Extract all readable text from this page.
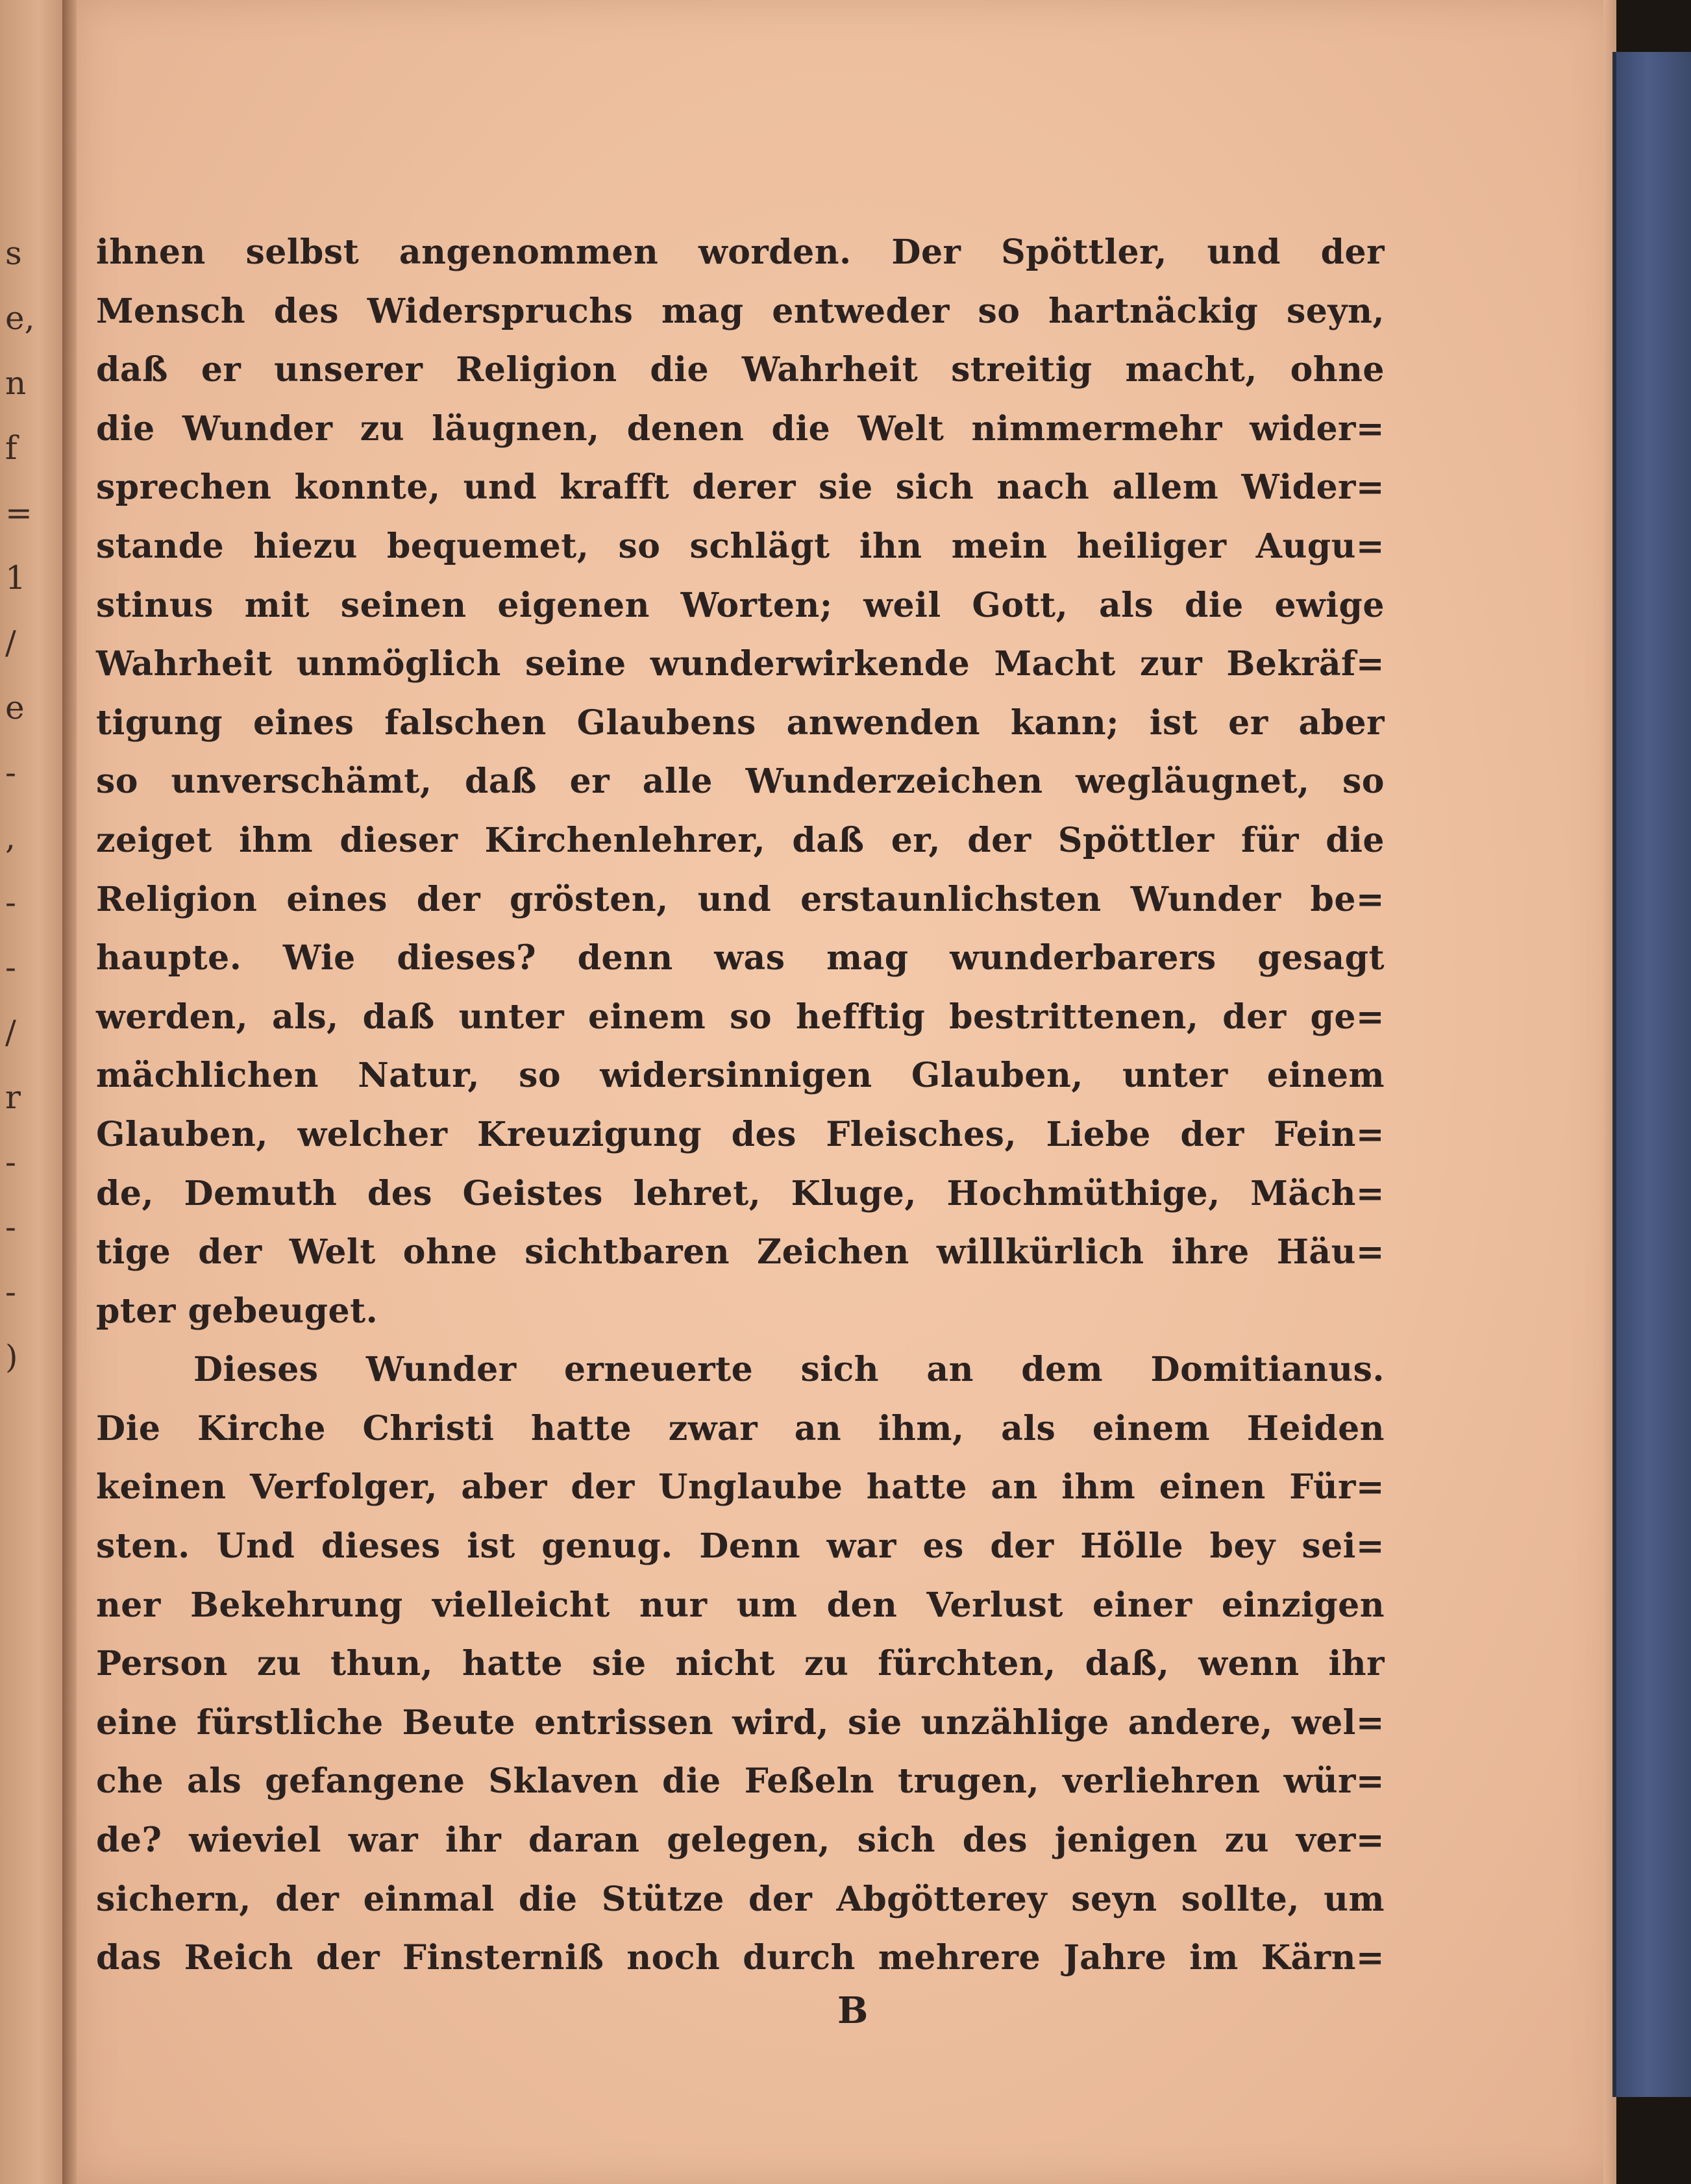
s
e,
n
f
=
1
/
e
-
,
-
-
/
r
-
-
-
)
ihnen selbst angenommen worden. Der Spöttler, und der
Mensch des Widerspruchs mag entweder so hartnäckig seyn,
daß er unserer Religion die Wahrheit streitig macht, ohne
die Wunder zu läugnen, denen die Welt nimmermehr wider=
sprechen konnte, und krafft derer sie sich nach allem Wider=
stande hiezu bequemet, so schlägt ihn mein heiliger Augu=
stinus mit seinen eigenen Worten; weil Gott, als die ewige
Wahrheit unmöglich seine wunderwirkende Macht zur Bekräf=
tigung eines falschen Glaubens anwenden kann; ist er aber
so unverschämt, daß er alle Wunderzeichen wegläugnet, so
zeiget ihm dieser Kirchenlehrer, daß er, der Spöttler für die
Religion eines der grösten, und erstaunlichsten Wunder be=
haupte. Wie dieses? denn was mag wunderbarers gesagt
werden, als, daß unter einem so hefftig bestrittenen, der ge=
mächlichen Natur, so widersinnigen Glauben, unter einem
Glauben, welcher Kreuzigung des Fleisches, Liebe der Fein=
de, Demuth des Geistes lehret, Kluge, Hochmüthige, Mäch=
tige der Welt ohne sichtbaren Zeichen willkürlich ihre Häu=
pter gebeuget.
Dieses Wunder erneuerte sich an dem Domitianus.
Die Kirche Christi hatte zwar an ihm, als einem Heiden
keinen Verfolger, aber der Unglaube hatte an ihm einen Für=
sten. Und dieses ist genug. Denn war es der Hölle bey sei=
ner Bekehrung vielleicht nur um den Verlust einer einzigen
Person zu thun, hatte sie nicht zu fürchten, daß, wenn ihr
eine fürstliche Beute entrissen wird, sie unzählige andere, wel=
che als gefangene Sklaven die Feßeln trugen, verliehren wür=
de? wieviel war ihr daran gelegen, sich des jenigen zu ver=
sichern, der einmal die Stütze der Abgötterey seyn sollte, um
das Reich der Finsterniß noch durch mehrere Jahre im Kärn=
B
